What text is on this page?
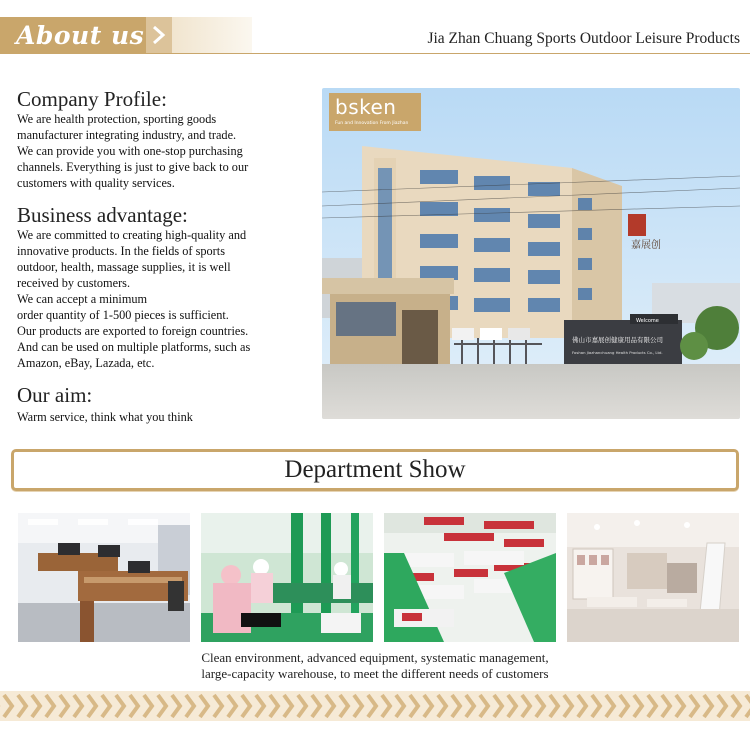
About us	Jia Zhan Chuang Sports Outdoor Leisure Products
Company Profile:
We are health protection, sporting goods
manufacturer integrating industry, and trade.
We can provide you with one-stop purchasing
channels. Everything is just to give back to our
customers with quality services.
Business advantage:
We are committed to creating high-quality and
innovative products. In the fields of sports
outdoor, health, massage supplies, it is well
received by customers.
We can accept a minimum
order quantity of 1-500 pieces is sufficient.
Our products are exported to foreign countries.
And can be used on multiple platforms, such as
Amazon, eBay, Lazada, etc.
Our aim:
Warm service, think what you think
bsken
Fun and Innovation From Jiazhan
嘉展创
佛山市嘉展创健康用品有限公司
Foshan Jiazhanchuang Health Products Co., Ltd.
Welcome
Department Show
Clean environment, advanced equipment, systematic management,
large-capacity warehouse, to meet the different needs of customers
